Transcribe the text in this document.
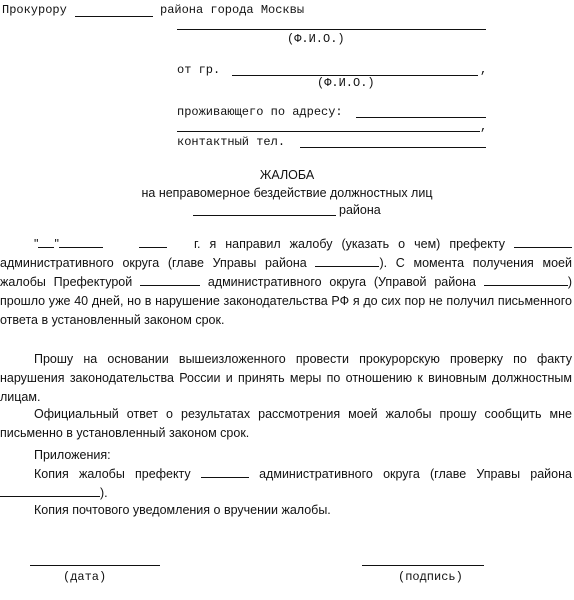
Прокурору	района города Москвы
(Ф.И.О.)
от гр.	,
(Ф.И.О.)
проживающего по адресу:
,
контактный тел.
ЖАЛОБА
на неправомерное бездействие должностных лиц
района
" "	г. я направил жалобу (указать о чем) префекту  административного округа (главе Управы района	). С момента получения моей жалобы Префектурой	административного округа (Управой района	) прошло уже 40 дней, но в нарушение законодательства РФ я до сих пор не получил письменного ответа в установленный законом срок.
Прошу на основании вышеизложенного провести прокурорскую проверку по факту нарушения законодательства России и принять меры по отношению к виновным должностным лицам.
Официальный ответ о результатах рассмотрения моей жалобы прошу сообщить мне письменно в установленный законом срок.
Приложения:
Копия жалобы префекту	административного округа (главе Управы района ).
Копия почтового уведомления о вручении жалобы.
(дата)	(подпись)
